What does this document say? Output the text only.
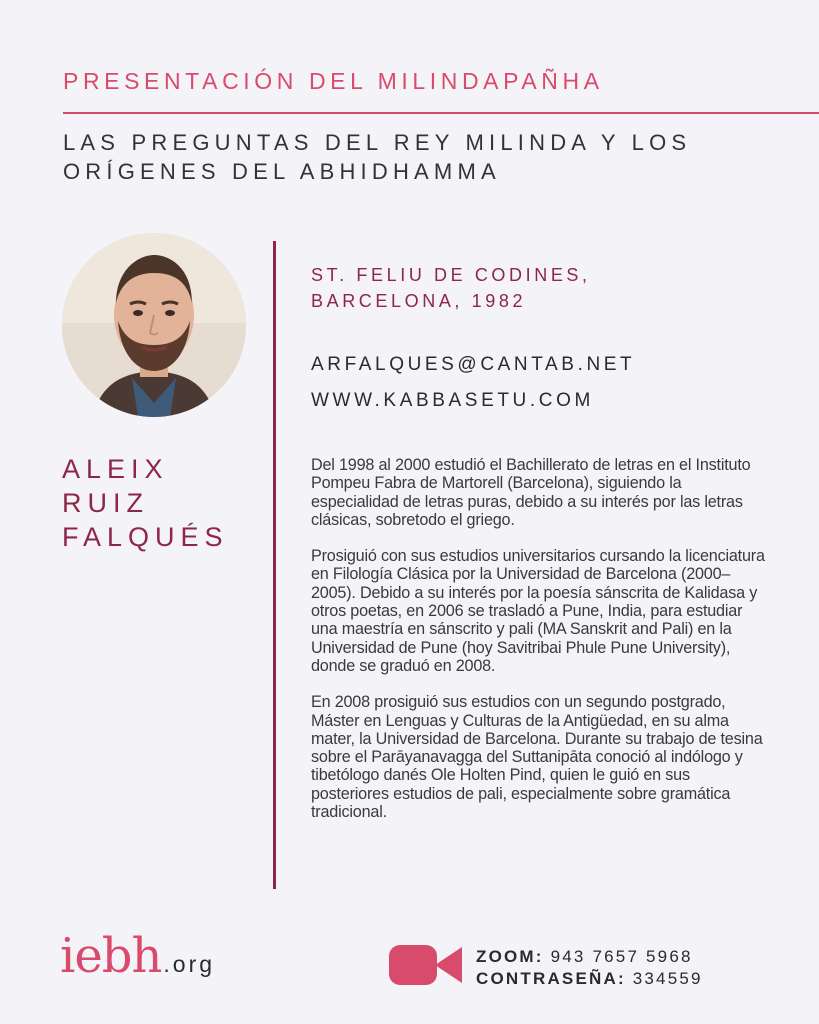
PRESENTACIÓN DEL MILINDAPAÑHA
LAS PREGUNTAS DEL REY MILINDA Y LOS ORÍGENES DEL ABHIDHAMMA
ALEIX
RUIZ
FALQUÉS
ST. FELIU DE CODINES,
BARCELONA, 1982
ARFALQUES@CANTAB.NET
WWW.KABBASETU.COM

Del 1998 al 2000 estudió el Bachillerato de letras en el Instituto Pompeu Fabra de Martorell (Barcelona), siguiendo la especialidad de letras puras, debido a su interés por las letras clásicas, sobretodo el griego.

Prosiguió con sus estudios universitarios cursando la licenciatura en Filología Clásica por la Universidad de Barcelona (2000–2005). Debido a su interés por la poesía sánscrita de Kalidasa y otros poetas, en 2006 se trasladó a Pune, India, para estudiar una maestría en sánscrito y pali (MA Sanskrit and Pali) en la Universidad de Pune (hoy Savitribai Phule Pune University), donde se graduó en 2008.

En 2008 prosiguió sus estudios con un segundo postgrado, Máster en Lenguas y Culturas de la Antigüedad, en su alma mater, la Universidad de Barcelona. Durante su trabajo de tesina sobre el Parāyanavagga del Suttanipāta conoció al indólogo y tibetólogo danés Ole Holten Pind, quien le guió en sus posteriores estudios de pali, especialmente sobre gramática tradicional.

iebh.org	ZOOM: 943 7657 5968
CONTRASEÑA: 334559
